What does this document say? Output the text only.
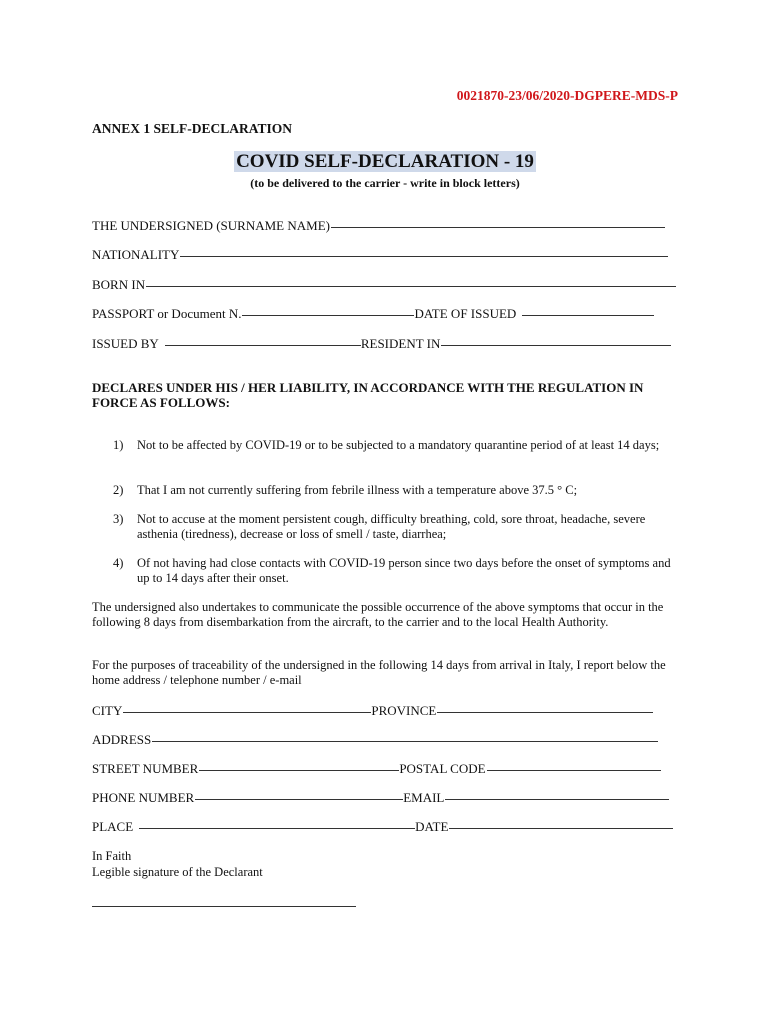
0021870-23/06/2020-DGPERE-MDS-P
ANNEX 1 SELF-DECLARATION
COVID SELF-DECLARATION - 19
(to be delivered to the carrier - write in block letters)
THE UNDERSIGNED (SURNAME NAME)
NATIONALITY
BORN IN
PASSPORT or Document N.	DATE OF ISSUED
ISSUED BY	RESIDENT IN
DECLARES UNDER HIS / HER LIABILITY, IN ACCORDANCE WITH THE REGULATION IN FORCE AS FOLLOWS:
1) Not to be affected by COVID-19 or to be subjected to a mandatory quarantine period of at least 14 days;
2) That I am not currently suffering from febrile illness with a temperature above 37.5 ° C;
3) Not to accuse at the moment persistent cough, difficulty breathing, cold, sore throat, headache, severe asthenia (tiredness), decrease or loss of smell / taste, diarrhea;
4) Of not having had close contacts with COVID-19 person since two days before the onset of symptoms and up to 14 days after their onset.
The undersigned also undertakes to communicate the possible occurrence of the above symptoms that occur in the following 8 days from disembarkation from the aircraft, to the carrier and to the local Health Authority.
For the purposes of traceability of the undersigned in the following 14 days from arrival in Italy, I report below the home address / telephone number / e-mail
CITY	PROVINCE
ADDRESS
STREET NUMBER	POSTAL CODE
PHONE NUMBER	EMAIL
PLACE	DATE
In Faith
Legible signature of the Declarant
